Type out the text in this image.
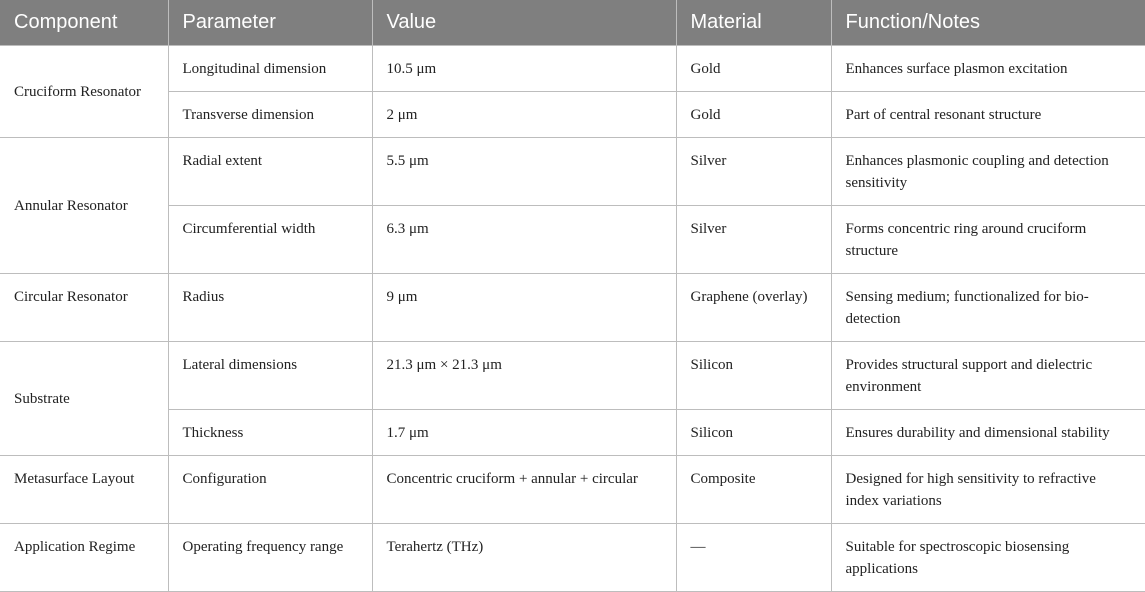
Component	Parameter	Value	Material	Function/Notes
Cruciform Resonator	Longitudinal dimension	10.5 μm	Gold	Enhances surface plasmon excitation
	Transverse dimension	2 μm	Gold	Part of central resonant structure
Annular Resonator	Radial extent	5.5 μm	Silver	Enhances plasmonic coupling and detection sensitivity
	Circumferential width	6.3 μm	Silver	Forms concentric ring around cruciform structure
Circular Resonator	Radius	9 μm	Graphene (overlay)	Sensing medium; functionalized for bio-detection
Substrate	Lateral dimensions	21.3 μm × 21.3 μm	Silicon	Provides structural support and dielectric environment
	Thickness	1.7 μm	Silicon	Ensures durability and dimensional stability
Metasurface Layout	Configuration	Concentric cruciform + annular + circular	Composite	Designed for high sensitivity to refractive index variations
Application Regime	Operating frequency range	Terahertz (THz)	—	Suitable for spectroscopic biosensing applications
